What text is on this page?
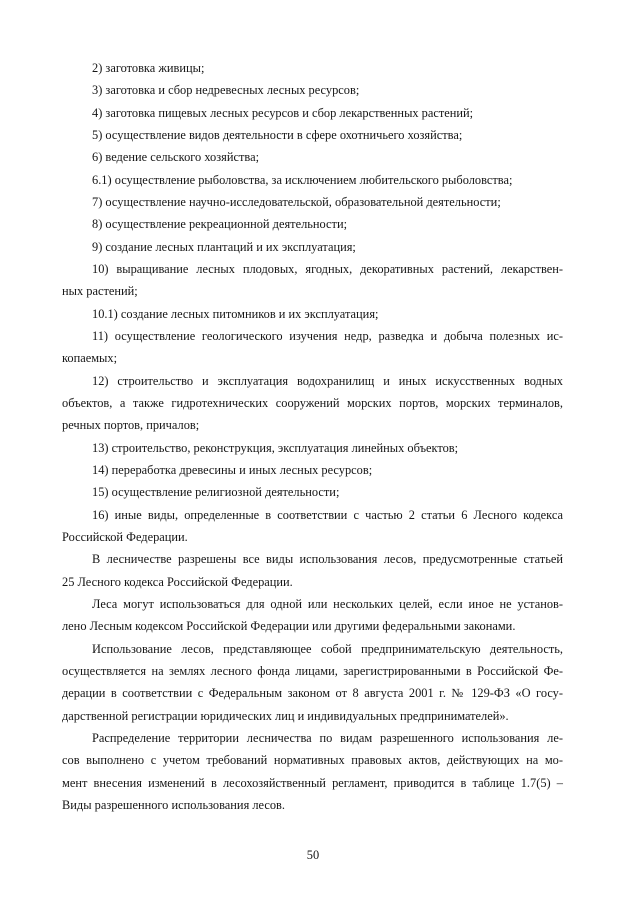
2) заготовка живицы;
3) заготовка и сбор недревесных лесных ресурсов;
4) заготовка пищевых лесных ресурсов и сбор лекарственных растений;
5) осуществление видов деятельности в сфере охотничьего хозяйства;
6) ведение сельского хозяйства;
6.1) осуществление рыболовства, за исключением любительского рыболовства;
7) осуществление научно-исследовательской, образовательной деятельности;
8) осуществление рекреационной деятельности;
9) создание лесных плантаций и их эксплуатация;
10) выращивание лесных плодовых, ягодных, декоративных растений, лекарствен-
ных растений;
10.1) создание лесных питомников и их эксплуатация;
11) осуществление геологического изучения недр, разведка и добыча полезных ис-
копаемых;
12) строительство и эксплуатация водохранилищ и иных искусственных водных
объектов, а также гидротехнических сооружений морских портов, морских терминалов,
речных портов, причалов;
13) строительство, реконструкция, эксплуатация линейных объектов;
14) переработка древесины и иных лесных ресурсов;
15) осуществление религиозной деятельности;
16) иные виды, определенные в соответствии с частью 2 статьи 6 Лесного кодекса
Российской Федерации.
В лесничестве разрешены все виды использования лесов, предусмотренные статьей
25 Лесного кодекса Российской Федерации.
Леса могут использоваться для одной или нескольких целей, если иное не установ-
лено Лесным кодексом Российской Федерации или другими федеральными законами.
Использование лесов, представляющее собой предпринимательскую деятельность,
осуществляется на землях лесного фонда лицами, зарегистрированными в Российской Фе-
дерации в соответствии с Федеральным законом от 8 августа 2001 г. № 129-ФЗ «О госу-
дарственной регистрации юридических лиц и индивидуальных предпринимателей».
Распределение территории лесничества по видам разрешенного использования ле-
сов выполнено с учетом требований нормативных правовых актов, действующих на мо-
мент внесения изменений в лесохозяйственный регламент, приводится в таблице 1.7(5) –
Виды разрешенного использования лесов.
50
